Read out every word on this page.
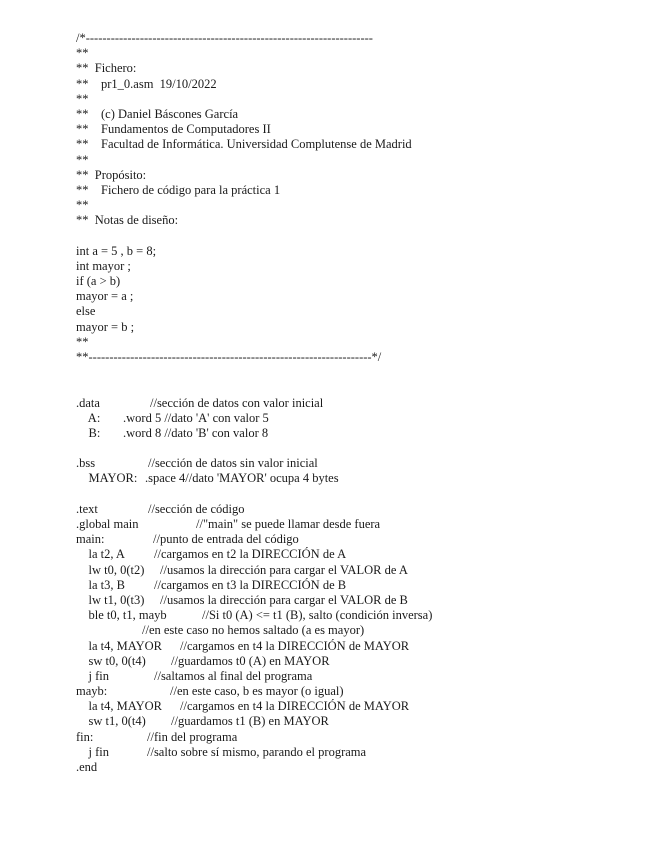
/*---------------------------------------------------------------------
**
**  Fichero:
**    pr1_0.asm  19/10/2022
**
**    (c) Daniel Báscones García
**    Fundamentos de Computadores II
**    Facultad de Informática. Universidad Complutense de Madrid
**
**  Propósito:
**    Fichero de código para la práctica 1
**
**  Notas de diseño:
int a = 5 , b = 8;
int mayor ;
if (a > b)
mayor = a ;
else
mayor = b ;
**
**--------------------------------------------------------------------*/
.data	//sección de datos con valor inicial
A: .word 5 //dato 'A' con valor 5
B: .word 8 //dato 'B' con valor 8
.bss	//sección de datos sin valor inicial
MAYOR: .space 4//dato 'MAYOR' ocupa 4 bytes
.text	//sección de código
.global main	//"main" se puede llamar desde fuera
main:	//punto de entrada del código
la t2, A //cargamos en t2 la DIRECCIÓN de A
lw t0, 0(t2) //usamos la dirección para cargar el VALOR de A
la t3, B //cargamos en t3 la DIRECCIÓN de B
lw t1, 0(t3) //usamos la dirección para cargar el VALOR de B
ble t0, t1, mayb	//Si t0 (A) <= t1 (B), salto (condición inversa)
//en este caso no hemos saltado (a es mayor)
la t4, MAYOR //cargamos en t4 la DIRECCIÓN de MAYOR
sw t0, 0(t4) //guardamos t0 (A) en MAYOR
j fin	//saltamos al final del programa
mayb:	//en este caso, b es mayor (o igual)
la t4, MAYOR //cargamos en t4 la DIRECCIÓN de MAYOR
sw t1, 0(t4) //guardamos t1 (B) en MAYOR
fin:	//fin del programa
j fin	//salto sobre sí mismo, parando el programa
.end
